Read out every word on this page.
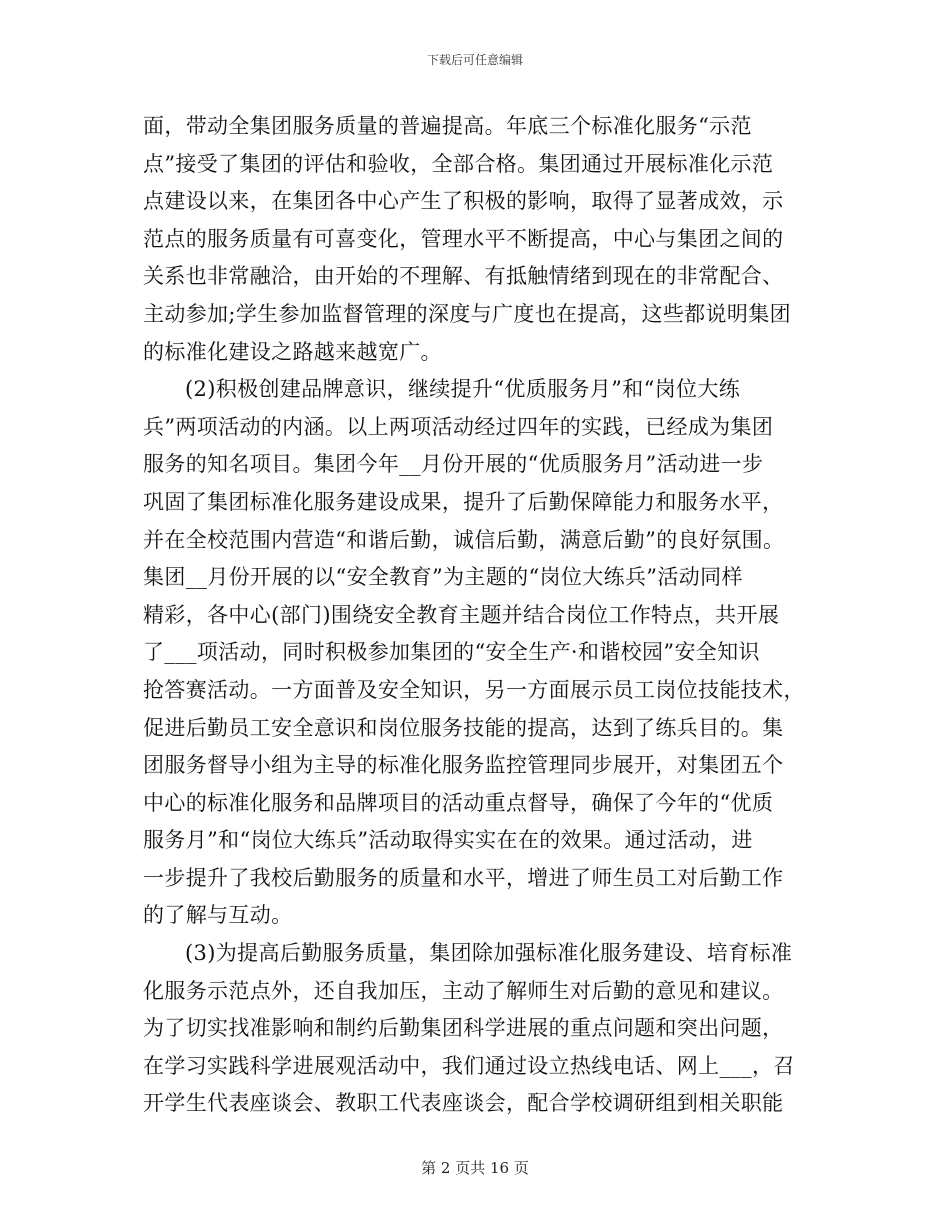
下载后可任意编辑
面，带动全集团服务质量的普遍提高。年底三个标准化服务“示范
点”接受了集团的评估和验收，全部合格。集团通过开展标准化示范
点建设以来，在集团各中心产生了积极的影响，取得了显著成效，示
范点的服务质量有可喜变化，管理水平不断提高，中心与集团之间的
关系也非常融洽，由开始的不理解、有抵触情绪到现在的非常配合、
主动参加;学生参加监督管理的深度与广度也在提高，这些都说明集团
的标准化建设之路越来越宽广。
(2)积极创建品牌意识，继续提升“优质服务月”和“岗位大练
兵”两项活动的内涵。以上两项活动经过四年的实践，已经成为集团
服务的知名项目。集团今年__月份开展的“优质服务月”活动进一步
巩固了集团标准化服务建设成果，提升了后勤保障能力和服务水平，
并在全校范围内营造“和谐后勤，诚信后勤，满意后勤”的良好氛围。
集团__月份开展的以“安全教育”为主题的“岗位大练兵”活动同样
精彩，各中心(部门)围绕安全教育主题并结合岗位工作特点，共开展
了___项活动，同时积极参加集团的“安全生产·和谐校园”安全知识
抢答赛活动。一方面普及安全知识，另一方面展示员工岗位技能技术，
促进后勤员工安全意识和岗位服务技能的提高，达到了练兵目的。集
团服务督导小组为主导的标准化服务监控管理同步展开，对集团五个
中心的标准化服务和品牌项目的活动重点督导，确保了今年的“优质
服务月”和“岗位大练兵”活动取得实实在在的效果。通过活动，进
一步提升了我校后勤服务的质量和水平，增进了师生员工对后勤工作
的了解与互动。
(3)为提高后勤服务质量，集团除加强标准化服务建设、培育标准
化服务示范点外，还自我加压，主动了解师生对后勤的意见和建议。
为了切实找准影响和制约后勤集团科学进展的重点问题和突出问题，
在学习实践科学进展观活动中，我们通过设立热线电话、网上___，召
开学生代表座谈会、教职工代表座谈会，配合学校调研组到相关职能
第 2 页共 16 页
